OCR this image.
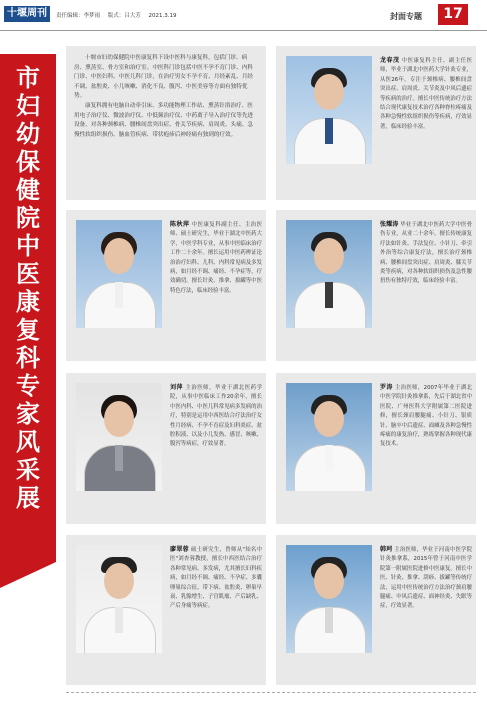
十堰周刊	责任编辑：李梦雨 版式：吕大芳 2021.3.19	封面专题	17
市妇幼保健院中医康复科专家风采展

十堰市妇幼保健院中医康复科下设中医科与康复科，包括门诊、病房、熏蒸室、骨方室和治疗室。中医科门诊包括中医不孕不育门诊、内科门诊、中医妇科、中医儿科门诊，在治疗男女不孕不育、月经紊乱、月经不调、盆腔炎、小儿咳嗽、消化不良、腹泻、中医美容等方面有独特优势。

康复科拥有电脑自动牵引床、多功能物理工作站、熏蒸针浴治疗、医用电子治疗仪、微波治疗仪、中低频治疗仪、中药离子导入治疗仪等先进设备，对各种颈椎病、腰椎间盘突出症、骨关节疾病、肩周炎、头痛、急慢性软组织损伤、脑血管疾病、带状疱疹后神经痛有独到的疗效。

龙春茂 中医康复科主任、副主任医师，毕业于湖北中医药大学针灸专业，从医26年，专注于颈椎病、腰椎间盘突出症、肩周炎、关节炎及中风后遗症等疾病的治疗。擅长中医传统治疗方法结合现代康复技术治疗各种脊柱疼痛及各种急慢性软组织损伤等疾病，疗效显著，临床经验丰富。
陈秋萍 中医康复科副主任、主治医师、硕士研究生，毕业于湖北中医药大学，中医学科专业，从事中医临床治疗工作二十余年。擅长运用中医药辨证论治治疗妇科、儿科、内科常见病及多发病，如月经不调、痛经、不孕症等，疗效确切。擅长针灸、推拿、拔罐等中医特色疗法，临床经验丰富。
张耀涛 毕业于湖北中医药大学中医骨伤专业，从业二十余年，擅长传统康复疗法如针灸、手法复位、小针刀、牵引外治等综合康复疗法，擅长治疗颈椎病、腰椎间盘突出症、肩周炎、膝关节炎等疾病，对各种软组织损伤及急性腰扭伤有独特疗效，临床经验丰富。
刘萍 主治医师，毕业于湖北医药学院，从事中医临床工作20余年，擅长中医内科、中医儿科常见病多发病的治疗，特别是运用中西医结合疗法治疗女性月经病、不孕不育症及妇科炎症、盆腔积液、以及小儿发热、感冒、咳嗽、腹泻等病症，疗效显著。
罗涛 主治医师，2007年毕业于湖北中医学院针灸推拿系，先后于湖北省中医院、广州医科大学附属第二医院进修，擅长颈肩腰腿痛、小针刀、银质针、脑卒中后遗症、面瘫及各种急慢性疼痛的康复治疗，熟练掌握各种现代康复技术。
廖翠蓉 硕士研究生，曾师从"知名中医"刘杏蓉教授，擅长中西医结合治疗各种常见病、多发病，尤其擅长妇科疾病，如月经不调、痛经、不孕症、多囊卵巢综合征、带下病、盆腔炎、卵巢早衰、乳腺增生、子宫肌瘤、产后缺乳、产后身痛等病症。
韩珂 主治医师，毕业于河南中医学院针灸推拿系，2015年曾于河南中医学院第一附属医院进修中医康复。擅长中医、针灸、推拿、刮痧、拔罐等传统疗法，运用中医传统治疗方法治疗颈肩腰腿痛、中风后遗症、面神经炎、失眠等症，疗效显著。
